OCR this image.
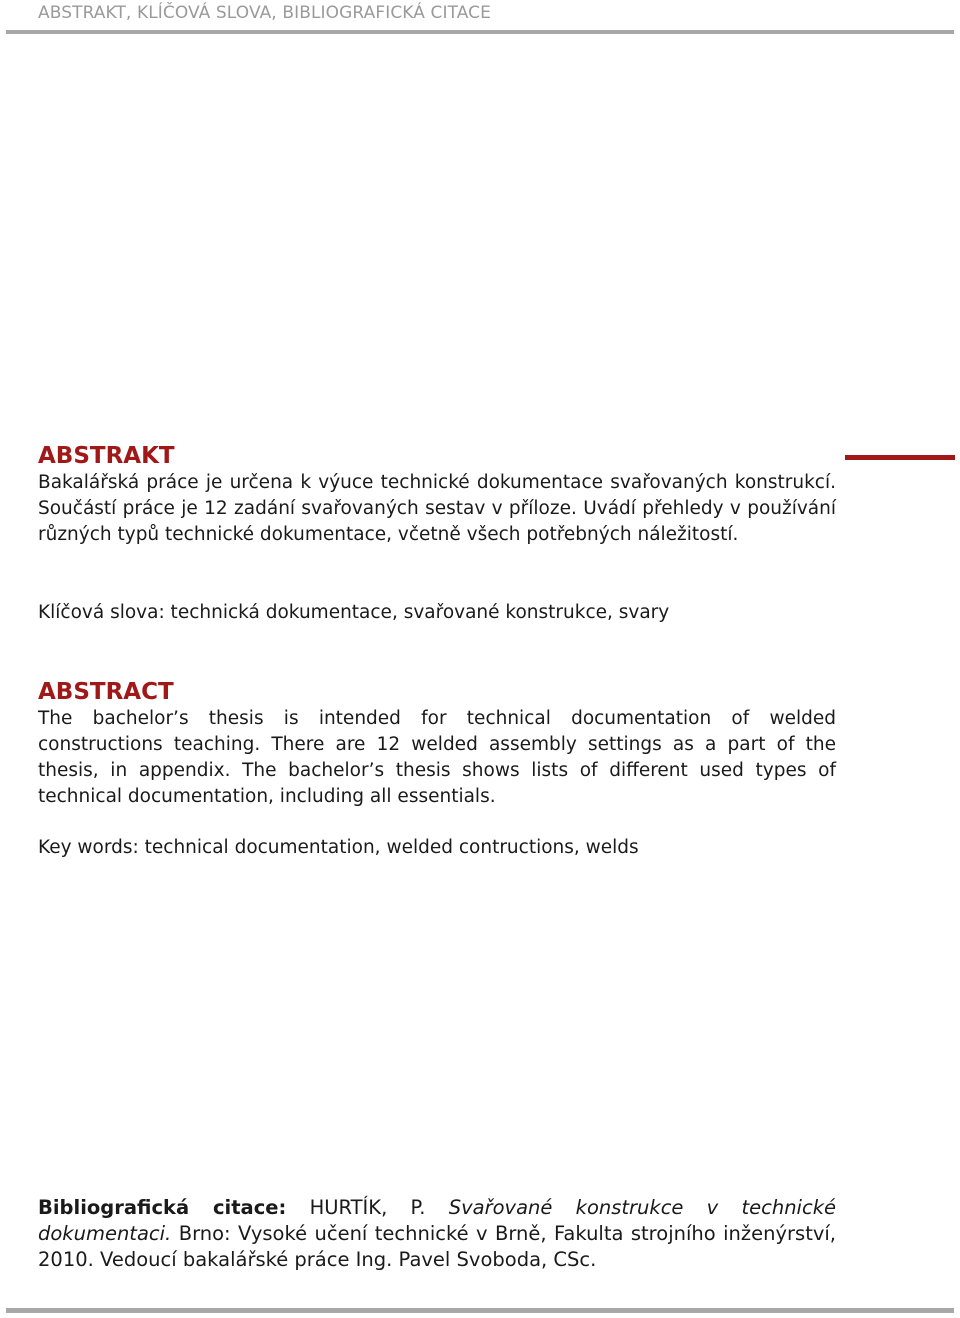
ABSTRAKT, KLÍČOVÁ SLOVA, BIBLIOGRAFICKÁ CITACE
ABSTRAKT

Bakalářská práce je určena k výuce technické dokumentace svařovaných konstrukcí. Součástí práce je 12 zadání svařovaných sestav v příloze. Uvádí přehledy v používání různých typů technické dokumentace, včetně všech potřebných náležitostí.

Klíčová slova: technická dokumentace, svařované konstrukce, svary
ABSTRACT

The bachelor’s thesis is intended for technical documentation of welded constructions teaching. There are 12 welded assembly settings as a part of the thesis, in appendix. The bachelor’s thesis shows lists of different used types of technical documentation, including all essentials.

Key words: technical documentation, welded contructions, welds
Bibliografická citace: HURTÍK, P. Svařované konstrukce v technické dokumentaci. Brno: Vysoké učení technické v Brně, Fakulta strojního inženýrství, 2010. Vedoucí bakalářské práce Ing. Pavel Svoboda, CSc.
